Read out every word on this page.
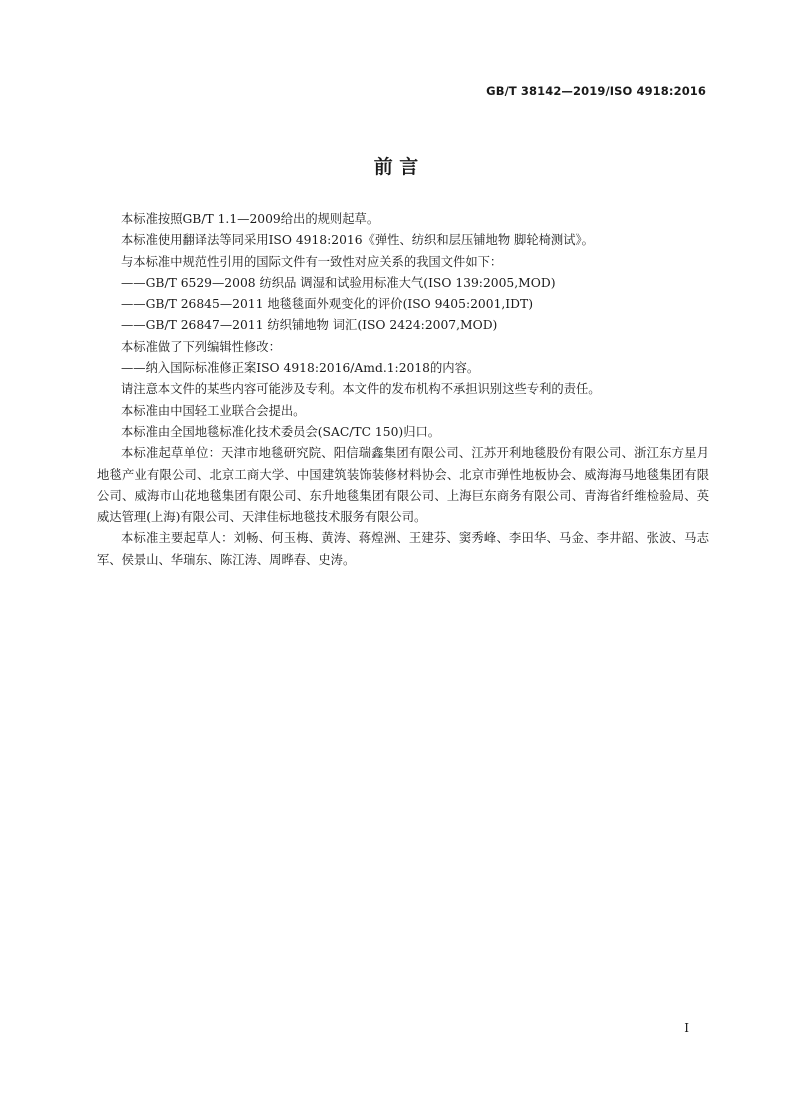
GB/T 38142—2019/ISO 4918:2016
前 言

本标准按照GB/T 1.1—2009给出的规则起草。

本标准使用翻译法等同采用ISO 4918:2016《弹性、纺织和层压铺地物 脚轮椅测试》。

与本标准中规范性引用的国际文件有一致性对应关系的我国文件如下：

——GB/T 6529—2008 纺织品 调湿和试验用标准大气(ISO 139:2005,MOD)

——GB/T 26845—2011 地毯毯面外观变化的评价(ISO 9405:2001,IDT)

——GB/T 26847—2011 纺织铺地物 词汇(ISO 2424:2007,MOD)

本标准做了下列编辑性修改：

——纳入国际标准修正案ISO 4918:2016/Amd.1:2018的内容。

请注意本文件的某些内容可能涉及专利。本文件的发布机构不承担识别这些专利的责任。

本标准由中国轻工业联合会提出。

本标准由全国地毯标准化技术委员会(SAC/TC 150)归口。

本标准起草单位：天津市地毯研究院、阳信瑞鑫集团有限公司、江苏开利地毯股份有限公司、浙江东方星月地毯产业有限公司、北京工商大学、中国建筑装饰装修材料协会、北京市弹性地板协会、威海海马地毯集团有限公司、威海市山花地毯集团有限公司、东升地毯集团有限公司、上海巨东商务有限公司、青海省纤维检验局、英威达管理(上海)有限公司、天津佳标地毯技术服务有限公司。

本标准主要起草人：刘畅、何玉梅、黄涛、蒋煌洲、王建芬、窦秀峰、李田华、马金、李井韶、张波、马志军、侯景山、华瑞东、陈江涛、周晔春、史涛。

I
